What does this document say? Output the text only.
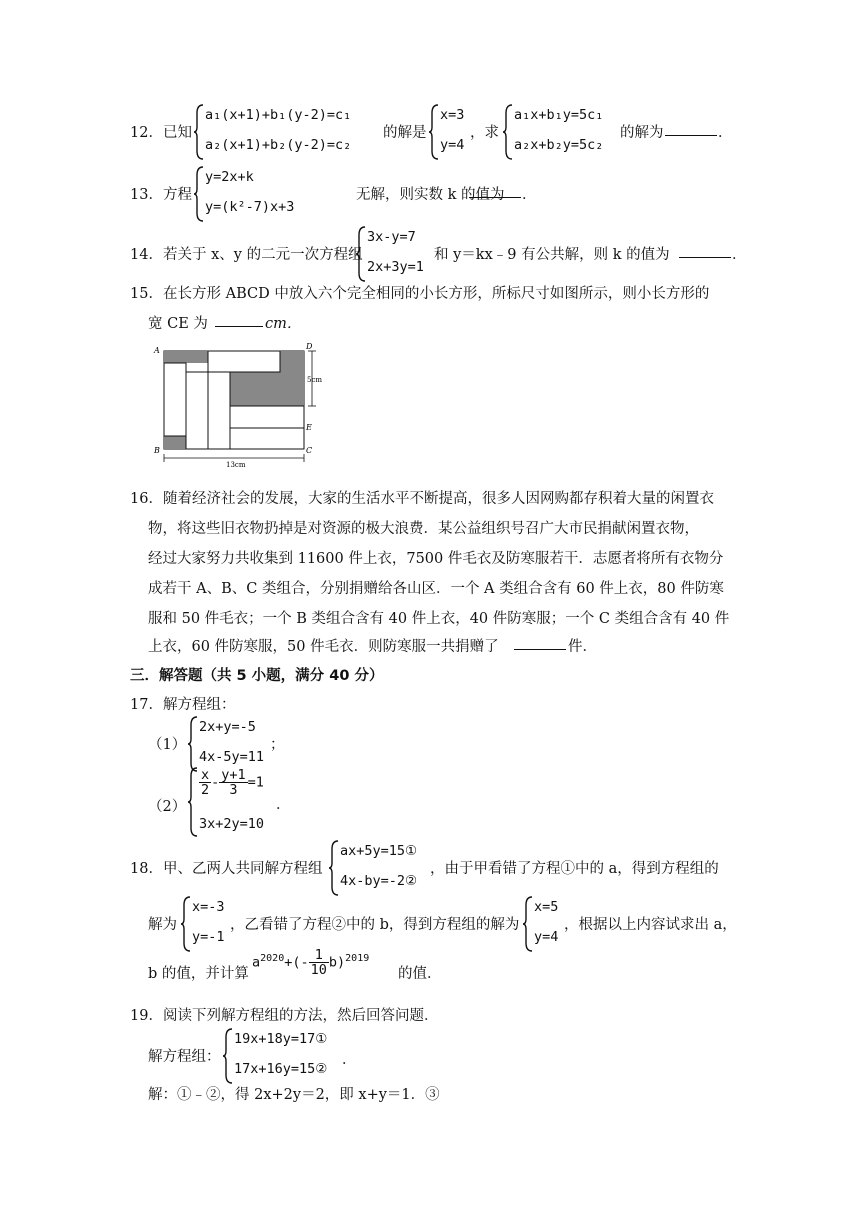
12． 已知
a₁(x+1)+b₁(y-2)=c₁
a₂(x+1)+b₂(y-2)=c₂
的解是
x=3
y=4
，求
a₁x+b₁y=5c₁
a₂x+b₂y=5c₂
的解为	．
13． 方程
y=2x+k
y=(k²-7)x+3
无解，则实数 k 的值为 ．
14． 若关于 x、y 的二元一次方程组
3x-y=7
2x+3y=1
和 y＝kx﹣9 有公共解，则 k 的值为	．
15． 在长方形 ABCD 中放入六个完全相同的小长方形，所标尺寸如图所示，则小长方形的
宽 CE 为	cm．
A	D
B	C
E
5cm
13cm
16． 随着经济社会的发展，大家的生活水平不断提高，很多人因网购都存积着大量的闲置衣
物，将这些旧衣物扔掉是对资源的极大浪费．某公益组织号召广大市民捐献闲置衣物，
经过大家努力共收集到 11600 件上衣，7500 件毛衣及防寒服若干．志愿者将所有衣物分
成若干 A、B、C 类组合，分别捐赠给各山区．一个 A 类组合含有 60 件上衣，80 件防寒
服和 50 件毛衣；一个 B 类组合含有 40 件上衣，40 件防寒服；一个 C 类组合含有 40 件
上衣，60 件防寒服，50 件毛衣．则防寒服一共捐赠了	件．
三．解答题（共 5 小题，满分 40 分）
17． 解方程组：
（1）
2x+y=-5
4x-5y=11
；
（2）
$\frac{x}{2} - \frac{y+1}{3} =1$
3x+2y=10
．
18． 甲、乙两人共同解方程组
ax+5y=15①
4x-by=-2②
，由于甲看错了方程①中的 a，得到方程组的
解为
x=-3
y=-1
，乙看错了方程②中的 b，得到方程组的解为
x=5
y=4
，根据以上内容试求出 a，
b 的值，并计算
$a^{2020}+(- \frac{1}{10} b)^{2019}$
的值．
19． 阅读下列解方程组的方法，然后回答问题．
解方程组：
19x+18y=17①
17x+16y=15②
．
解：①﹣②，得 2x+2y＝2，即 x+y＝1．③
